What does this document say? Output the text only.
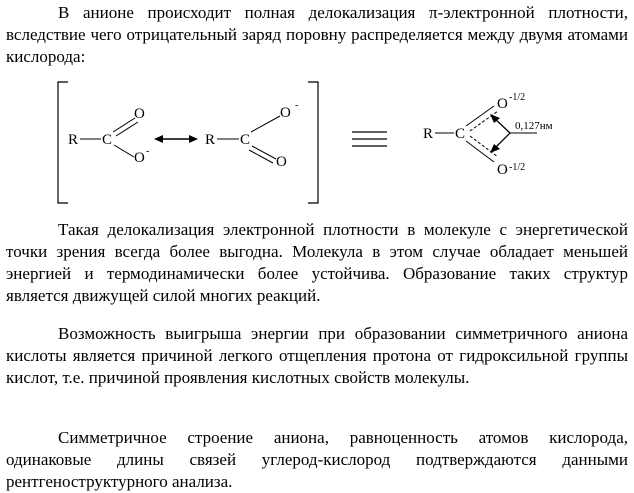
В анионе происходит полная делокализация π-электронной плотности, вследствие чего отрицательный заряд поровну распределяется между двумя атомами кислорода:

R C
O
O -
R C
O -
O
R C
O -1/2
O -1/2
0,127нм

Такая делокализация электронной плотности в молекуле с энергетической точки зрения всегда более выгодна. Молекула в этом случае обладает меньшей энергией и термодинамически более устойчива. Образование таких структур является движущей силой многих реакций.

Возможность выигрыша энергии при образовании симметричного аниона кислоты является причиной легкого отщепления протона от гидроксильной группы кислот, т.е. причиной проявления кислотных свойств молекулы.

Симметричное строение аниона, равноценность атомов кислорода, одинаковые длины связей углерод-кислород подтверждаются данными рентгеноструктурного анализа.
